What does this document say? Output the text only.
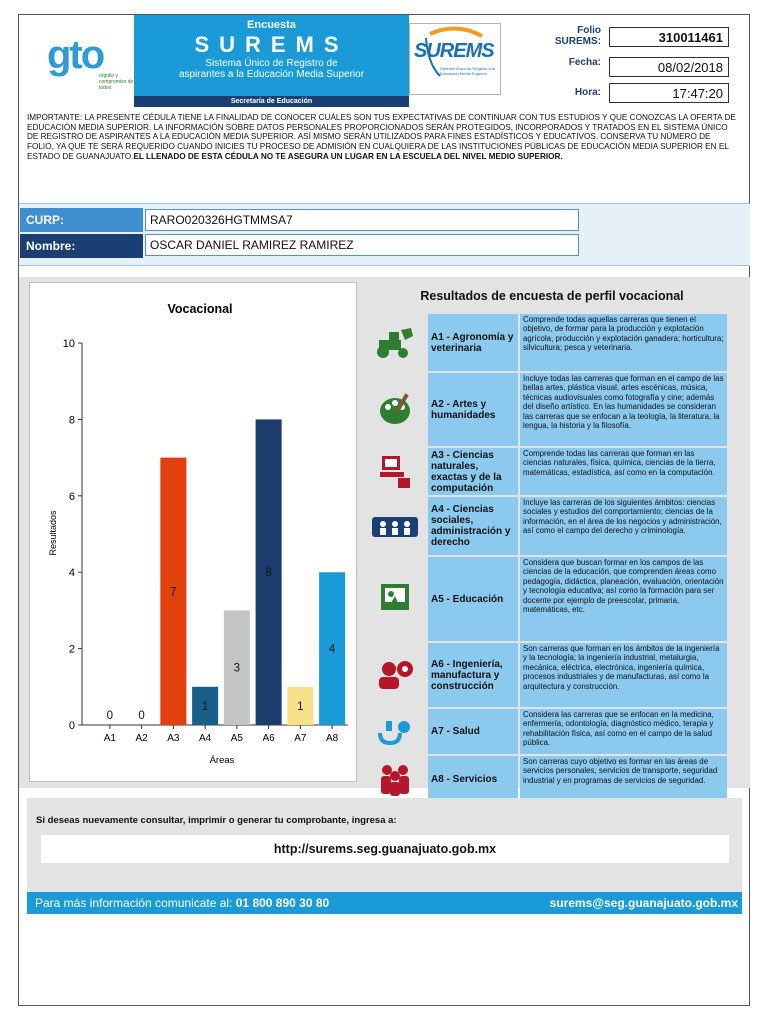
gto
orgullo y compromiso de todos
Encuesta
SUREMS
Sistema Único de Registro de
aspirantes a la Educación Media Superior
Secretaría de Educación
SUREMS
Sistema Único de Registro a la Educación Media Superior
Folio SUREMS:	310011461
Fecha:	08/02/2018
Hora:	17:47:20
IMPORTANTE: LA PRESENTE CÉDULA TIENE LA FINALIDAD DE CONOCER CUÁLES SON TUS EXPECTATIVAS DE CONTINUAR CON TUS ESTUDIOS Y QUE CONOZCAS LA OFERTA DE EDUCACIÓN MEDIA SUPERIOR. LA INFORMACIÓN SOBRE DATOS PERSONALES PROPORCIONADOS SERÁN PROTEGIDOS, INCORPORADOS Y TRATADOS EN EL SISTEMA ÚNICO DE REGISTRO DE ASPIRANTES A LA EDUCACIÓN MEDIA SUPERIOR. ASÍ MISMO SERÁN UTILIZADOS PARA FINES ESTADÍSTICOS Y EDUCATIVOS. CONSERVA TU NÚMERO DE FOLIO, YA QUE TE SERÁ REQUERIDO CUANDO INICIES TU PROCESO DE ADMISIÓN EN CUALQUIERA DE LAS INSTITUCIONES PÚBLICAS DE EDUCACIÓN MEDIA SUPERIOR EN EL ESTADO DE GUANAJUATO.EL LLENADO DE ESTA CÉDULA NO TE ASEGURA UN LUGAR EN LA ESCUELA DEL NIVEL MEDIO SUPERIOR.
CURP:	RARO020326HGTMMSA7
Nombre:	OSCAR DANIEL RAMIREZ RAMIREZ
Vocacional
Resultados
Áreas
0
2
4
6
8
10
0
A1
0
A2
7
A3
1
A4
3
A5
8
A6
1
A7
4
A8
Resultados de encuesta de perfil vocacional
A1 - Agronomía y veterinaria
Comprende todas aquellas carreras que tienen el objetivo, de formar para la producción y explotación agrícola, producción y explotación ganadera; horticultura; silvicultura; pesca y veterinaria.
A2 - Artes y humanidades
Incluye todas las carreras que forman en el campo de las bellas artes, plástica visual, artes escénicas, música, técnicas audiovisuales como fotografía y cine; además del diseño artístico. En las humanidades se consideran las carreras que se enfocan a la teología, la literatura, la lengua, la historia y la filosofía.
A3 - Ciencias naturales, exactas y de la computación
Comprende todas las carreras que forman en las ciencias naturales, física, química, ciencias de la tierra, matemáticas, estadística, así como en la computación.
A4 - Ciencias sociales, administración y derecho
Incluye las carreras de los siguientes ámbitos: ciencias sociales y estudios del comportamiento; ciencias de la información, en el área de los negocios y administración, así como el campo del derecho y criminología.
A5 - Educación
Considera que buscan formar en los campos de las ciencias de la educación, que comprenden áreas como pedagogía, didáctica, planeación, evaluación, orientación y tecnología educativa; así como la formación para ser docente por ejemplo de preescolar, primaria, matemáticas, etc.
A6 - Ingeniería, manufactura y construcción
Son carreras que forman en los ámbitos de la ingeniería y la tecnología; la ingeniería industrial, metalurgia, mecánica, eléctrica, electrónica, ingeniería química, procesos industriales y de manufacturas, así como la arquitectura y construcción.
A7 - Salud
Considera las carreras que se enfocan en la medicina, enfermería, odontología, diagnóstico médico, terapia y rehabilitación física, así como en el campo de la salud pública.
A8 - Servicios
Son carreras cuyo objetivo es formar en las áreas de servicios personales, servicios de transporte, seguridad industrial y en programas de servicios de seguridad.
Si deseas nuevamente consultar, imprimir o generar tu comprobante, ingresa a:
http://surems.seg.guanajuato.gob.mx
Para más información comunicate al: 01 800 890 30 80	surems@seg.guanajuato.gob.mx
